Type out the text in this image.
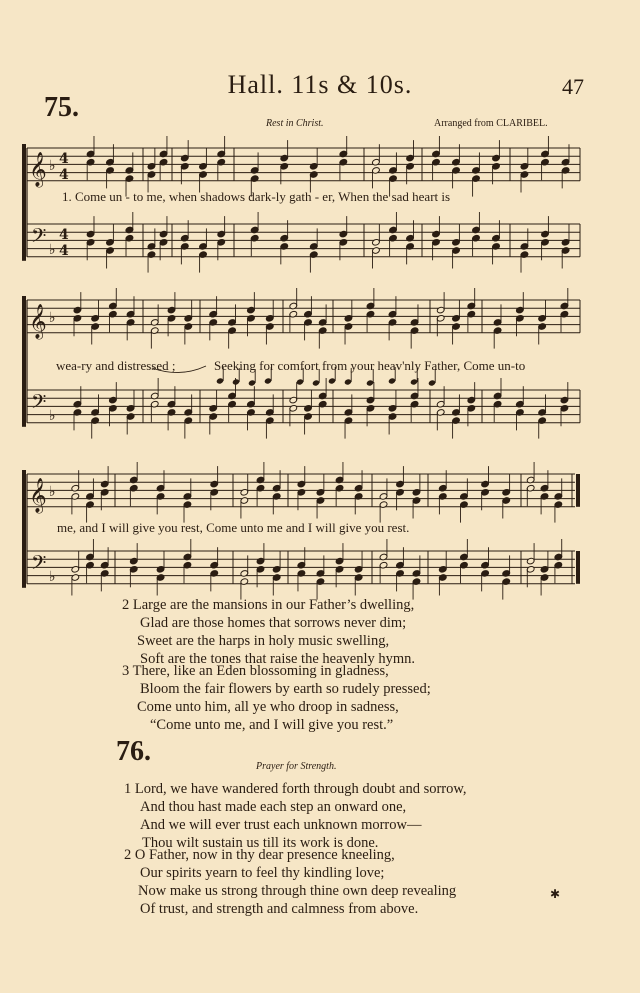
Hall. 11s & 10s.	47
75.
Rest in Christ.	Arranged from CLARIBEL.
𝄞 ♭ 4
4
𝄢 ♭
4
4
𝄞 ♭
𝄢 ♭
𝄞 ♭
𝄢 ♭
1. Come un - to me, when shadows dark-ly gath - er, When the sad heart is
wea-ry and distressed ;	Seeking for comfort from your heav'nly Father, Come un-to
me, and I will give you rest, Come unto me and I will give you rest.
2 Large are the mansions in our Father’s dwelling,
Glad are those homes that sorrows never dim;
Sweet are the harps in holy music swelling,
Soft are the tones that raise the heavenly hymn.
3 There, like an Eden blossoming in gladness,
Bloom the fair flowers by earth so rudely pressed;
Come unto him, all ye who droop in sadness,
“Come unto me, and I will give you rest.”
76.	Prayer for Strength.
1 Lord, we have wandered forth through doubt and sorrow,
And thou hast made each step an onward one,
And we will ever trust each unknown morrow—
Thou wilt sustain us till its work is done.
2 O Father, now in thy dear presence kneeling,
Our spirits yearn to feel thy kindling love;
Now make us strong through thine own deep revealing
Of trust, and strength and calmness from above.
✱
